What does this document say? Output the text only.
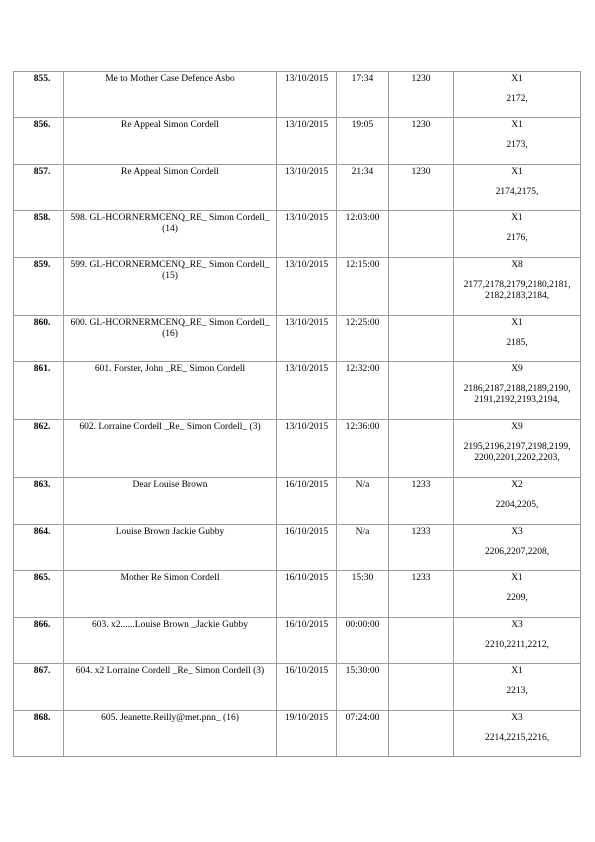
855.	Me to Mother Case Defence Asbo	13/10/2015	17:34	1230	X1
2172,

856.	Re Appeal Simon Cordell	13/10/2015	19:05	1230	X1
2173,

857.	Re Appeal Simon Cordell	13/10/2015	21:34	1230	X1
2174,2175,

858.	598. GL-HCORNERMCENQ_RE_ Simon Cordell_ (14)	13/10/2015	12:03:00		X1
2176,

859.	599. GL-HCORNERMCENQ_RE_ Simon Cordell_ (15)	13/10/2015	12:15:00		X8
2177,2178,2179,2180,2181, 2182,2183,2184,

860.	600. GL-HCORNERMCENQ_RE_ Simon Cordell_ (16)	13/10/2015	12:25:00		X1
2185,

861.	601. Forster, John _RE_ Simon Cordell	13/10/2015	12:32:00		X9
2186,2187,2188,2189,2190, 2191,2192,2193,2194,

862.	602. Lorraine Cordell _Re_ Simon Cordell_ (3)	13/10/2015	12:36:00		X9
2195,2196,2197,2198,2199, 2200,2201,2202,2203,

863.	Dear Louise Brown	16/10/2015	N/a	1233	X2
2204,2205,

864.	Louise Brown Jackie Gubby	16/10/2015	N/a	1233	X3
2206,2207,2208,

865.	Mother Re Simon Cordell	16/10/2015	15:30	1233	X1
2209,

866.	603. x2......Louise Brown _Jackie Gubby	16/10/2015	00:00:00		X3
2210,2211,2212,

867.	604. x2 Lorraine Cordell _Re_ Simon Cordell (3)	16/10/2015	15:30:00		X1
2213,

868.	605. Jeanette.Reilly@met.pnn_ (16)	19/10/2015	07:24:00		X3
2214,2215,2216,
